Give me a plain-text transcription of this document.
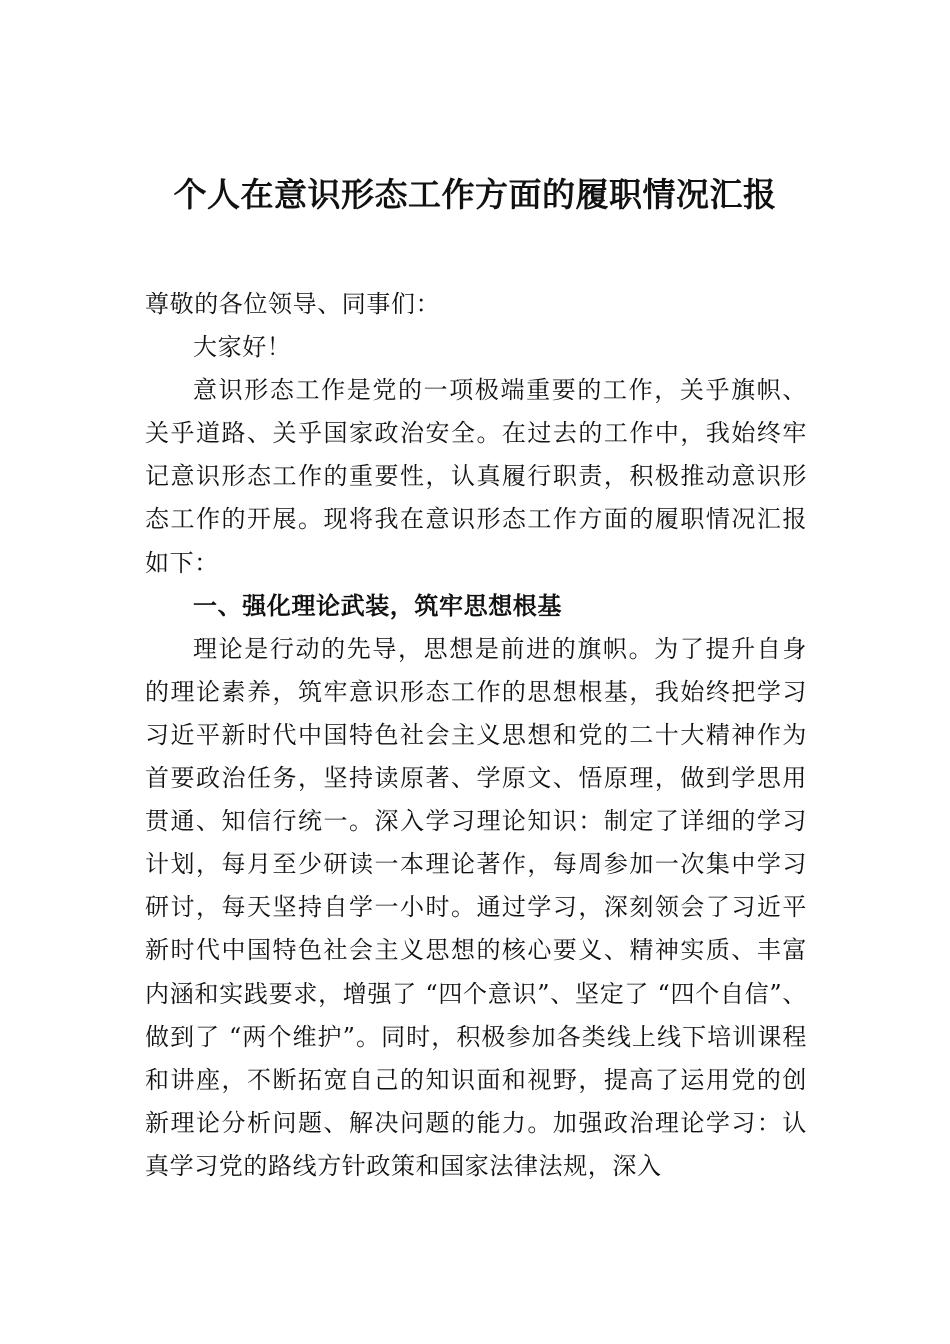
个人在意识形态工作方面的履职情况汇报

尊敬的各位领导、同事们：

大家好！

意识形态工作是党的一项极端重要的工作，关乎旗帜、关乎道路、关乎国家政治安全。在过去的工作中，我始终牢记意识形态工作的重要性，认真履行职责，积极推动意识形态工作的开展。现将我在意识形态工作方面的履职情况汇报如下：

一、强化理论武装，筑牢思想根基

理论是行动的先导，思想是前进的旗帜。为了提升自身的理论素养，筑牢意识形态工作的思想根基，我始终把学习习近平新时代中国特色社会主义思想和党的二十大精神作为首要政治任务，坚持读原著、学原文、悟原理，做到学思用贯通、知信行统一。深入学习理论知识：制定了详细的学习计划，每月至少研读一本理论著作，每周参加一次集中学习研讨，每天坚持自学一小时。通过学习，深刻领会了习近平新时代中国特色社会主义思想的核心要义、精神实质、丰富内涵和实践要求，增强了 “四个意识”、坚定了 “四个自信”、做到了 “两个维护”。同时，积极参加各类线上线下培训课程和讲座，不断拓宽自己的知识面和视野，提高了运用党的创新理论分析问题、解决问题的能力。加强政治理论学习：认真学习党的路线方针政策和国家法律法规，深入
